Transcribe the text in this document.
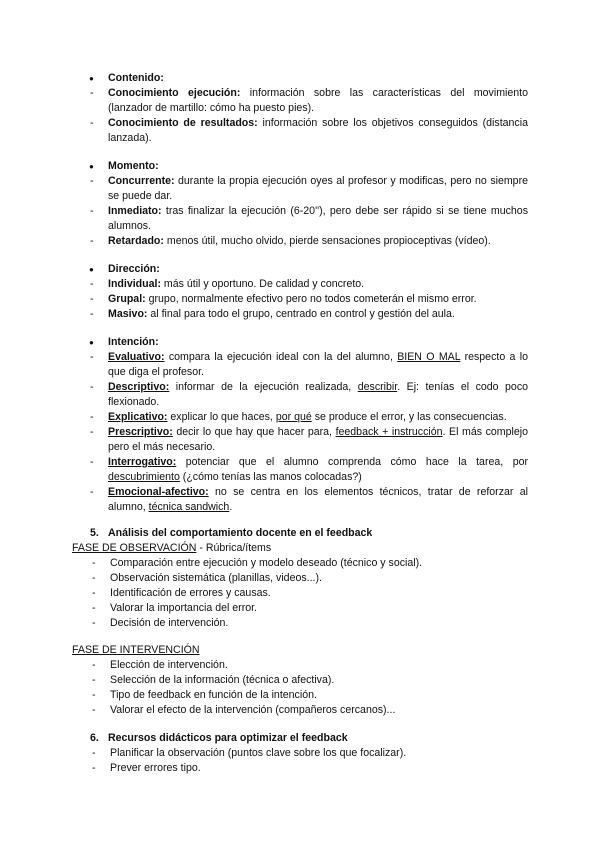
● Contenido:
- Conocimiento ejecución: información sobre las características del movimiento (lanzador de martillo: cómo ha puesto pies).
- Conocimiento de resultados: información sobre los objetivos conseguidos (distancia lanzada).
● Momento:
- Concurrente: durante la propia ejecución oyes al profesor y modificas, pero no siempre se puede dar.
- Inmediato: tras finalizar la ejecución (6-20''), pero debe ser rápido si se tiene muchos alumnos.
- Retardado: menos útil, mucho olvido, pierde sensaciones propioceptivas (vídeo).
● Dirección:
- Individual: más útil y oportuno. De calidad y concreto.
- Grupal: grupo, normalmente efectivo pero no todos cometerán el mismo error.
- Masivo: al final para todo el grupo, centrado en control y gestión del aula.
● Intención:
- Evaluativo: compara la ejecución ideal con la del alumno, BIEN O MAL respecto a lo que diga el profesor.
- Descriptivo: informar de la ejecución realizada, describir. Ej: tenías el codo poco flexionado.
- Explicativo: explicar lo que haces, por qué se produce el error, y las consecuencias.
- Prescriptivo: decir lo que hay que hacer para, feedback + instrucción. El más complejo pero el más necesario.
- Interrogativo: potenciar que el alumno comprenda cómo hace la tarea, por descubrimiento (¿cómo tenías las manos colocadas?)
- Emocional-afectivo: no se centra en los elementos técnicos, tratar de reforzar al alumno, técnica sandwich.
5. Análisis del comportamiento docente en el feedback
FASE DE OBSERVACIÓN - Rúbrica/ítems
- Comparación entre ejecución y modelo deseado (técnico y social).
- Observación sistemática (planillas, videos...).
- Identificación de errores y causas.
- Valorar la importancia del error.
- Decisión de intervención.
FASE DE INTERVENCIÓN
- Elección de intervención.
- Selección de la información (técnica o afectiva).
- Tipo de feedback en función de la intención.
- Valorar el efecto de la intervención (compañeros cercanos)...
6. Recursos didácticos para optimizar el feedback
- Planificar la observación (puntos clave sobre los que focalizar).
- Prever errores tipo.
